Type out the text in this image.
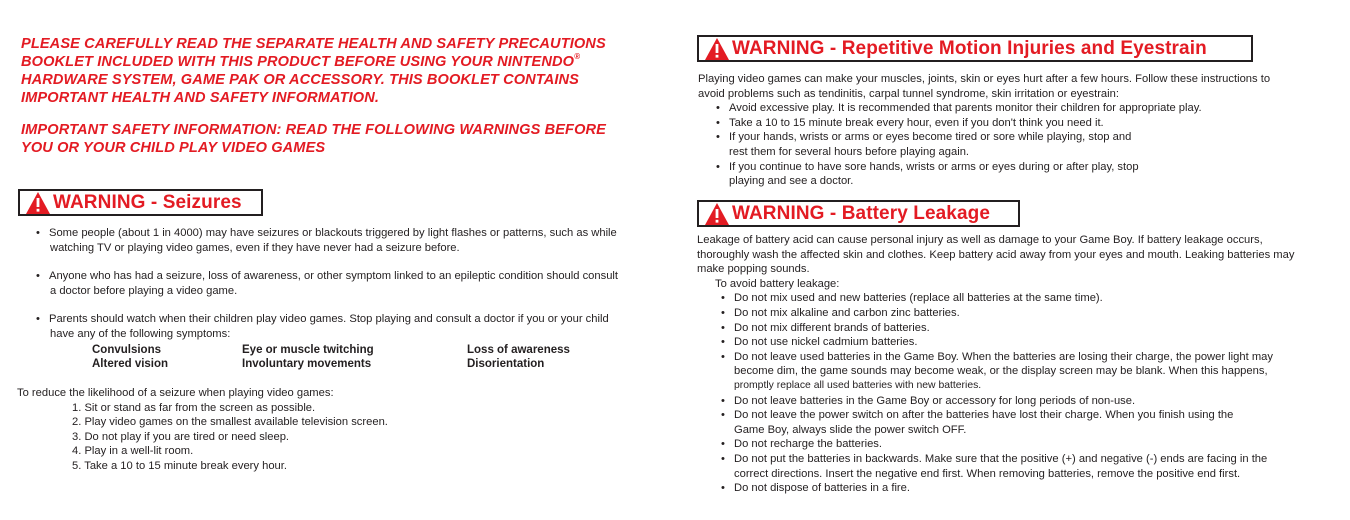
PLEASE CAREFULLY READ THE SEPARATE HEALTH AND SAFETY PRECAUTIONS
BOOKLET INCLUDED WITH THIS PRODUCT BEFORE USING YOUR NINTENDO®
HARDWARE SYSTEM, GAME PAK OR ACCESSORY. THIS BOOKLET CONTAINS
IMPORTANT HEALTH AND SAFETY INFORMATION.
IMPORTANT SAFETY INFORMATION: READ THE FOLLOWING WARNINGS BEFORE
YOU OR YOUR CHILD PLAY VIDEO GAMES
WARNING - Seizures
• Some people (about 1 in 4000) may have seizures or blackouts triggered by light flashes or patterns, such as while
watching TV or playing video games, even if they have never had a seizure before.
• Anyone who has had a seizure, loss of awareness, or other symptom linked to an epileptic condition should consult
a doctor before playing a video game.
• Parents should watch when their children play video games. Stop playing and consult a doctor if you or your child
have any of the following symptoms:
Convulsions	Eye or muscle twitching	Loss of awareness
Altered vision	Involuntary movements	Disorientation
To reduce the likelihood of a seizure when playing video games:
1. Sit or stand as far from the screen as possible.
2. Play video games on the smallest available television screen.
3. Do not play if you are tired or need sleep.
4. Play in a well-lit room.
5. Take a 10 to 15 minute break every hour.
WARNING - Repetitive Motion Injuries and Eyestrain
Playing video games can make your muscles, joints, skin or eyes hurt after a few hours. Follow these instructions to
avoid problems such as tendinitis, carpal tunnel syndrome, skin irritation or eyestrain:
• Avoid excessive play. It is recommended that parents monitor their children for appropriate play.
• Take a 10 to 15 minute break every hour, even if you don't think you need it.
• If your hands, wrists or arms or eyes become tired or sore while playing, stop and
rest them for several hours before playing again.
• If you continue to have sore hands, wrists or arms or eyes during or after play, stop
playing and see a doctor.
WARNING - Battery Leakage
Leakage of battery acid can cause personal injury as well as damage to your Game Boy. If battery leakage occurs,
thoroughly wash the affected skin and clothes. Keep battery acid away from your eyes and mouth. Leaking batteries may
make popping sounds.
To avoid battery leakage:
• Do not mix used and new batteries (replace all batteries at the same time).
• Do not mix alkaline and carbon zinc batteries.
• Do not mix different brands of batteries.
• Do not use nickel cadmium batteries.
• Do not leave used batteries in the Game Boy. When the batteries are losing their charge, the power light may
become dim, the game sounds may become weak, or the display screen may be blank. When this happens,
promptly replace all used batteries with new batteries.
• Do not leave batteries in the Game Boy or accessory for long periods of non-use.
• Do not leave the power switch on after the batteries have lost their charge. When you finish using the
Game Boy, always slide the power switch OFF.
• Do not recharge the batteries.
• Do not put the batteries in backwards. Make sure that the positive (+) and negative (-) ends are facing in the
correct directions. Insert the negative end first. When removing batteries, remove the positive end first.
• Do not dispose of batteries in a fire.
